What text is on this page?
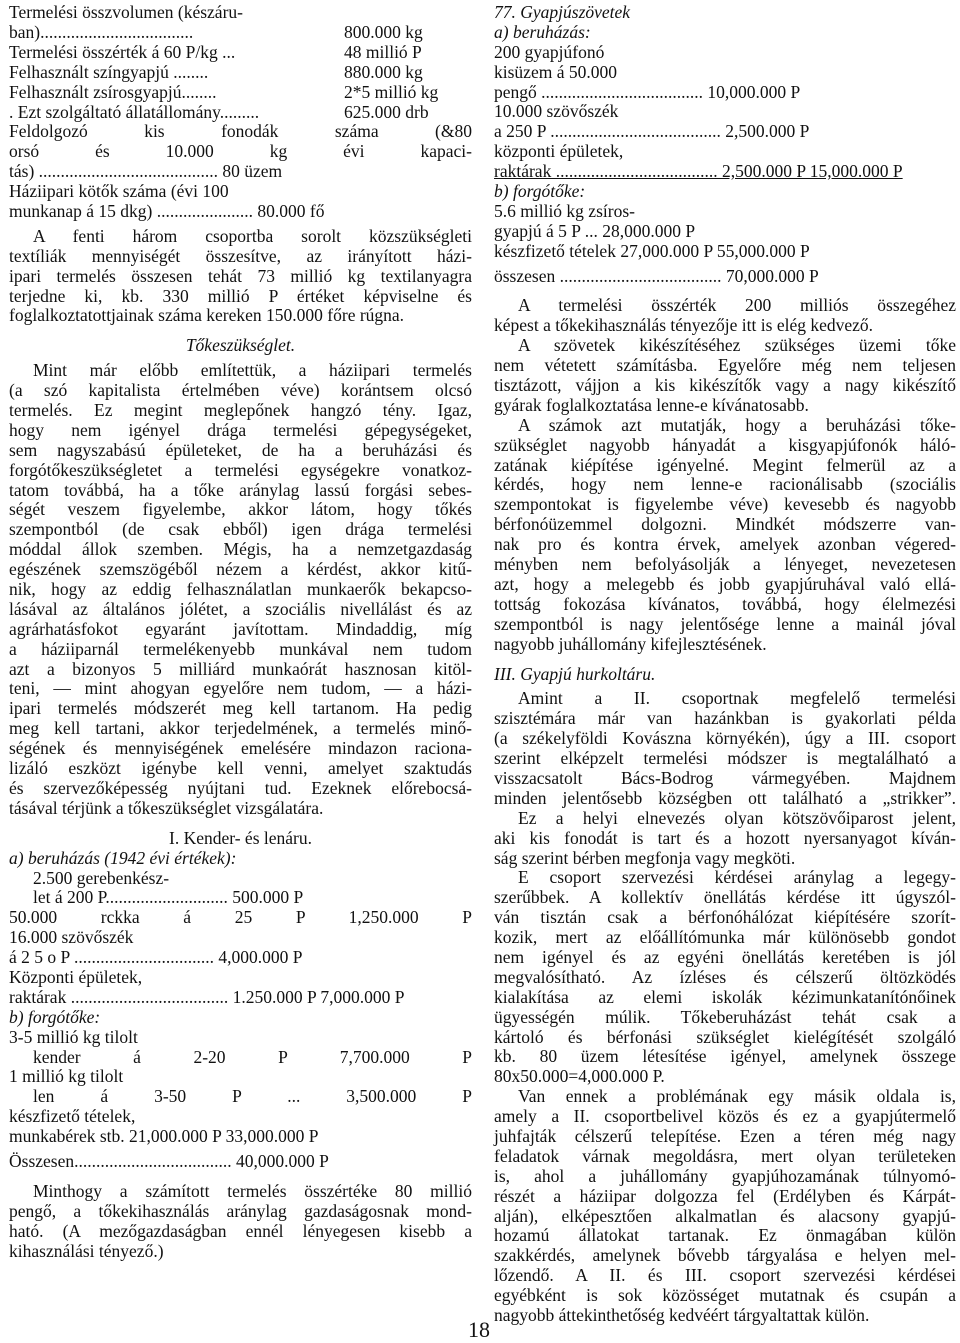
Termelési összvolumen (készáru-
ban)...................................	800.000 kg
Termelési összérték á 60 P/kg ...	48 millió P
Felhasznált színgyapjú ........	880.000 kg
Felhasznált zsírosgyapjú........	2*5 millió kg
. Ezt szolgáltató állatállomány.........	625.000 drb
Feldolgozó kis fonodák száma (&80
orsó és 10.000 kg évi kapaci-
tás) ......................................... 80 üzem
Háziipari kötők száma (évi 100
munkanap á 15 dkg) ...................... 80.000 fő
A fenti három csoportba sorolt közszükségleti
textíliák mennyiségét összesítve, az irányított házi-
ipari termelés összesen tehát 73 millió kg textilanyagra
terjedne ki, kb. 330 millió P értéket képviselne és
foglalkoztatottjainak száma kereken 150.000 főre rúgna.
Tőkeszükséglet.
Mint már előbb említettük, a háziipari termelés
(a szó kapitalista értelmében véve) korántsem olcsó
termelés. Ez megint meglepőnek hangzó tény. Igaz,
hogy nem igényel drága termelési gépegységeket,
sem nagyszabású épületeket, de ha a beruházási és
forgótőkeszükségletet a termelési egységekre vonatkoz-
tatom továbbá, ha a tőke aránylag lassú forgási sebes-
ségét veszem figyelembe, akkor látom, hogy tőkés
szempontból (de csak ebből) igen drága termelési
móddal állok szemben. Mégis, ha a nemzetgazdaság
egészének szemszögéből nézem a kérdést, akkor kitű-
nik, hogy az eddig felhasználatlan munkaerők bekapcso-
lásával az általános jólétet, a szociális nivellálást és az
agrárhatásfokot egyaránt javítottam. Mindaddig, míg
a háziiparnál termelékenyebb munkával nem tudom
azt a bizonyos 5 milliárd munkaórát hasznosan kitöl-
teni, — mint ahogyan egyelőre nem tudom, — a házi-
ipari termelés módszerét meg kell tartanom. Ha pedig
meg kell tartani, akkor terjedelmének, a termelés minő-
ségének és mennyiségének emelésére mindazon raciona-
lizáló eszközt igénybe kell venni, amelyet szaktudás
és szervezőképesség nyújtani tud. Ezeknek előrebocsá-
tásával térjünk a tőkeszükséglet vizsgálatára.
I. Kender- és lenáru.
a) beruházás (1942 évi értékek):
2.500 gerebenkész-
let á 200 P............................ 500.000 P
50.000 rckka á 25 P 1,250.000 P
16.000 szövőszék
á 2 5 o P ................................ 4,000.000 P
Központi épületek,
raktárak .................................... 1.250.000 P 7,000.000 P
b) forgótőke:
3-5 millió kg tilolt
kender á 2-20 P 7,700.000 P
1 millió kg tilolt
len á 3-50 P ... 3,500.000 P
készfizető tételek,
munkabérek stb. 21,000.000 P 33,000.000 P
Összesen.................................... 40,000.000 P
Minthogy a számított termelés összértéke 80 millió
pengő, a tőkekihasználás aránylag gazdaságosnak mond-
ható. (A mezőgazdaságban ennél lényegesen kisebb a
kihasználási tényező.)
77. Gyapjúszövetek
a) beruházás:
200 gyapjúfonó
kisüzem á 50.000
pengő ..................................... 10,000.000 P
10.000 szövőszék
a 250 P ....................................... 2,500.000 P
központi épületek,
raktárak ..................................... 2,500.000 P 15,000.000 P
b) forgótőke:
5.6 millió kg zsíros-
gyapjú á 5 P ... 28,000.000 P
készfizető tételek 27,000.000 P 55,000.000 P
összesen ..................................... 70,000.000 P
A termelési összérték 200 milliós összegéhez
képest a tőkekihasználás tényezője itt is elég kedvező.
A szövetek kikészítéséhez szükséges üzemi tőke
nem vétetett számításba. Egyelőre még nem teljesen
tisztázott, vájjon a kis kikészítők vagy a nagy kikészítő
gyárak foglalkoztatása lenne-e kívánatosabb.
A számok azt mutatják, hogy a beruházási tőke-
szükséglet nagyobb hányadát a kisgyapjúfonók háló-
zatának kiépítése igényelné. Megint felmerül az a
kérdés, hogy nem lenne-e racionálisabb (szociális
szempontokat is figyelembe véve) kevesebb és nagyobb
bérfonóüzemmel dolgozni. Mindkét módszerre van-
nak pro és kontra érvek, amelyek azonban végered-
ményben nem befolyásolják a lényeget, nevezetesen
azt, hogy a melegebb és jobb gyapjúruhával való ellá-
tottság fokozása kívánatos, továbbá, hogy élelmezési
szempontból is nagy jelentősége lenne a mainál jóval
nagyobb juhállomány kifejlesztésének.
III. Gyapjú hurkoltáru.
Amint a II. csoportnak megfelelő termelési
szisztémára már van hazánkban is gyakorlati példa
(a székelyföldi Kovászna környékén), úgy a III. csoport
szerint elképzelt termelési módszer is megtalálható a
visszacsatolt Bács-Bodrog vármegyében. Majdnem
minden jelentősebb községben ott található a „strikker”.
Ez a helyi elnevezés olyan kötszövőiparost jelent,
aki kis fonodát is tart és a hozott nyersanyagot kíván-
ság szerint bérben megfonja vagy megköti.
E csoport szervezési kérdései aránylag a legegy-
szerűbbek. A kollektív önellátás kérdése itt úgyszól-
ván tisztán csak a bérfonóhálózat kiépítésére szorít-
kozik, mert az előállítómunka már különösebb gondot
nem igényel és az egyéni önellátás keretében is jól
megvalósítható. Az ízléses és célszerű öltözködés
kialakítása az elemi iskolák kézimunkatanítónőinek
ügyességén múlik. Tőkeberuházást tehát csak a
kártoló és bérfonási szükséglet kielégítését szolgáló
kb. 80 üzem létesítése igényel, amelynek összege
80x50.000=4,000.000 P.
Van ennek a problémának egy másik oldala is,
amely a II. csoportbelivel közös és ez a gyapjútermelő
juhfajták célszerű telepítése. Ezen a téren még nagy
feladatok várnak megoldásra, mert olyan területeken
is, ahol a juhállomány gyapjúhozamának túlnyomó-
részét a háziipar dolgozza fel (Erdélyben és Kárpát-
alján), elképesztően alkalmatlan és alacsony gyapjú-
hozamú állatokat tartanak. Ez önmagában külön
szakkérdés, amelynek bővebb tárgyalása e helyen mel-
lőzendő. A II. és III. csoport szervezési kérdései
egyébként is sok közösséget mutatnak és csupán a
nagyobb áttekinthetőség kedvéért tárgyaltattak külön.
18
